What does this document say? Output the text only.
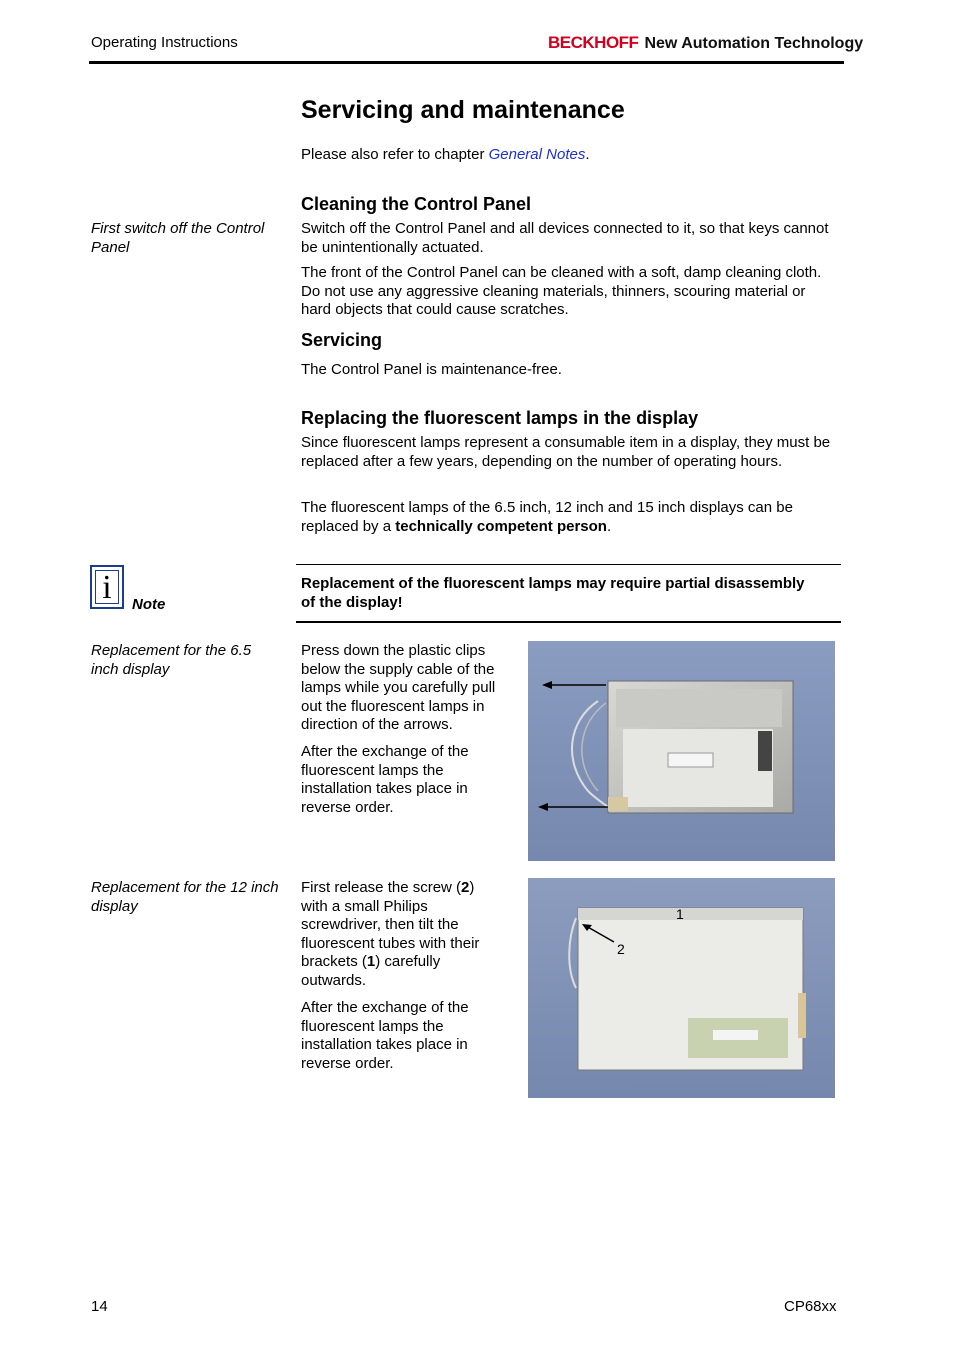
Operating Instructions	BECKHOFF New Automation Technology
Servicing and maintenance
Please also refer to chapter General Notes.
Cleaning the Control Panel
First switch off the Control Panel
Switch off the Control Panel and all devices connected to it, so that keys cannot be unintentionally actuated.
The front of the Control Panel can be cleaned with a soft, damp cleaning cloth. Do not use any aggressive cleaning materials, thinners, scouring material or hard objects that could cause scratches.
Servicing
The Control Panel is maintenance-free.
Replacing the fluorescent lamps in the display
Since fluorescent lamps represent a consumable item in a display, they must be replaced after a few years, depending on the number of operating hours.
The fluorescent lamps of the 6.5 inch, 12 inch and 15 inch displays can be replaced by a technically competent person.
i	Note
Replacement of the fluorescent lamps may require partial disassembly of the display!
Replacement for the 6.5 inch display
Press down the plastic clips below the supply cable of the lamps while you carefully pull out the fluorescent lamps in direction of the arrows.
After the exchange of the fluorescent lamps the installation takes place in reverse order.
Replacement for the 12 inch display
First release the screw (2) with a small Philips screwdriver, then tilt the fluorescent tubes with their brackets (1) carefully outwards.
After the exchange of the fluorescent lamps the installation takes place in reverse order.
1
2
14	CP68xx
